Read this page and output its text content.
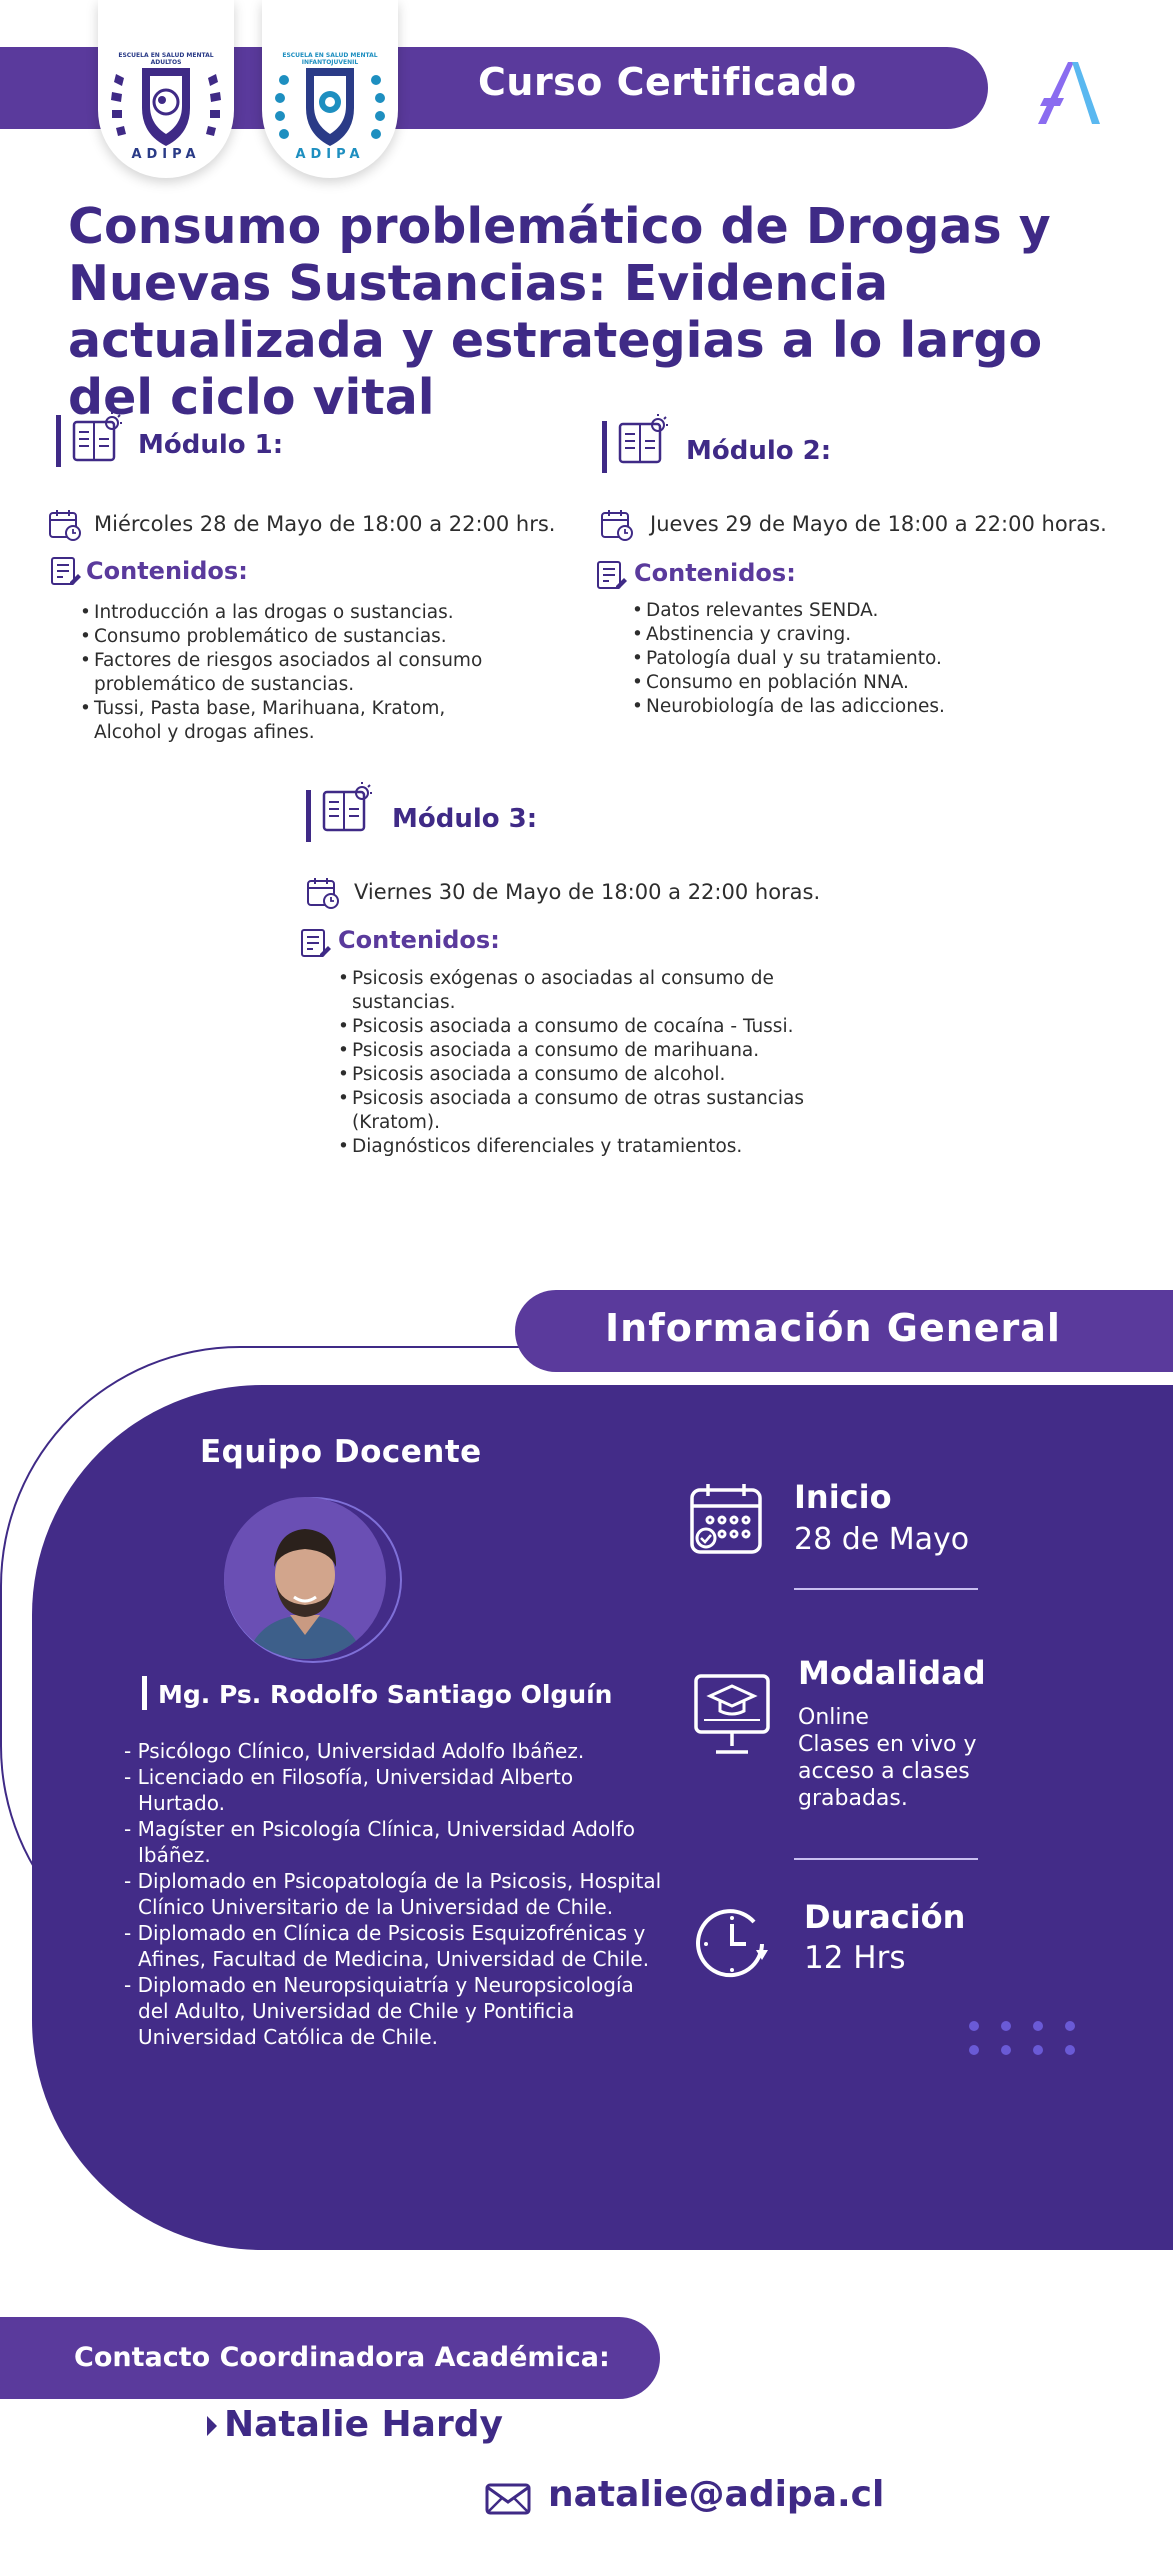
Curso Certificado
ESCUELA EN SALUD MENTAL
ADULTOS
ADIPA
ESCUELA EN SALUD MENTAL
INFANTOJUVENIL
ADIPA
Consumo problemático de Drogas y Nuevas Sustancias: Evidencia actualizada y estrategias a lo largo del ciclo vital
Módulo 1:
Miércoles 28 de Mayo de 18:00 a 22:00 hrs.
Contenidos:
• Introducción a las drogas o sustancias.
• Consumo problemático de sustancias.
• Factores de riesgos asociados al consumo problemático de sustancias.
• Tussi, Pasta base, Marihuana, Kratom, Alcohol y drogas afines.
Módulo 2:
Jueves 29 de Mayo de 18:00 a 22:00 horas.
Contenidos:
• Datos relevantes SENDA.
• Abstinencia y craving.
• Patología dual y su tratamiento.
• Consumo en población NNA.
• Neurobiología de las adicciones.
Módulo 3:
Viernes 30 de Mayo de 18:00 a 22:00 horas.
Contenidos:
• Psicosis exógenas o asociadas al consumo de sustancias.
• Psicosis asociada a consumo de cocaína - Tussi.
• Psicosis asociada a consumo de marihuana.
• Psicosis asociada a consumo de alcohol.
• Psicosis asociada a consumo de otras sustancias (Kratom).
• Diagnósticos diferenciales y tratamientos.
Información General
Equipo Docente
Mg. Ps. Rodolfo Santiago Olguín
- Psicólogo Clínico, Universidad Adolfo Ibáñez.
- Licenciado en Filosofía, Universidad Alberto Hurtado.
- Magíster en Psicología Clínica, Universidad Adolfo Ibáñez.
- Diplomado en Psicopatología de la Psicosis, Hospital Clínico Universitario de la Universidad de Chile.
- Diplomado en Clínica de Psicosis Esquizofrénicas y Afines, Facultad de Medicina, Universidad de Chile.
- Diplomado en Neuropsiquiatría y Neuropsicología del Adulto, Universidad de Chile y Pontificia Universidad Católica de Chile.
Inicio
28 de Mayo
Modalidad
Online
Clases en vivo y
acceso a clases
grabadas.
Duración
12 Hrs
Contacto Coordinadora Académica:
Natalie Hardy
natalie@adipa.cl
